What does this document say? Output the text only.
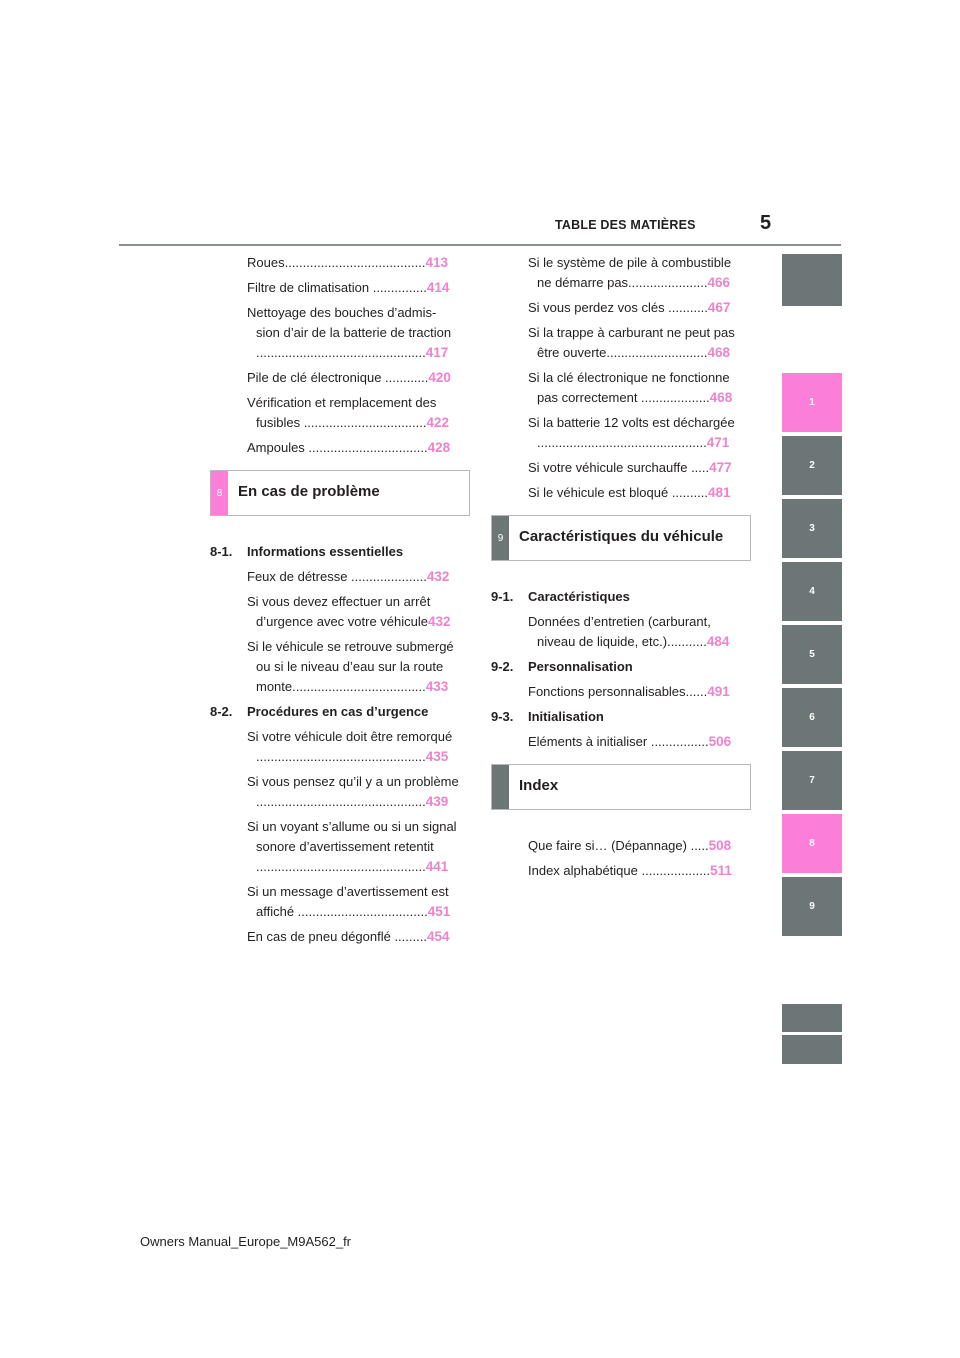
TABLE DES MATIÈRES	5
Roues.......................................413
Filtre de climatisation ...............414
Nettoyage des bouches d’admis-
sion d’air de la batterie de traction
...............................................417
Pile de clé électronique ............420
Vérification et remplacement des
fusibles ..................................422
Ampoules .................................428
8	En cas de problème
8-1. Informations essentielles
Feux de détresse .....................432
Si vous devez effectuer un arrêt
d’urgence avec votre véhicule432
Si le véhicule se retrouve submergé
ou si le niveau d’eau sur la route
monte.....................................433
8-2. Procédures en cas d’urgence
Si votre véhicule doit être remorqué
...............................................435
Si vous pensez qu’il y a un problème
...............................................439
Si un voyant s’allume ou si un signal
sonore d’avertissement retentit
...............................................441
Si un message d’avertissement est
affiché ....................................451
En cas de pneu dégonflé .........454
Si le système de pile à combustible
ne démarre pas......................466
Si vous perdez vos clés ...........467
Si la trappe à carburant ne peut pas
être ouverte............................468
Si la clé électronique ne fonctionne
pas correctement ...................468
Si la batterie 12 volts est déchargée
...............................................471
Si votre véhicule surchauffe .....477
Si le véhicule est bloqué ..........481
9	Caractéristiques du véhicule
9-1. Caractéristiques
Données d’entretien (carburant,
niveau de liquide, etc.)...........484
9-2. Personnalisation
Fonctions personnalisables......491
9-3. Initialisation
Eléments à initialiser ................506
Index
Que faire si… (Dépannage) .....508
Index alphabétique ...................511
1
2
3
4
5
6
7
8
9
Owners Manual_Europe_M9A562_fr
